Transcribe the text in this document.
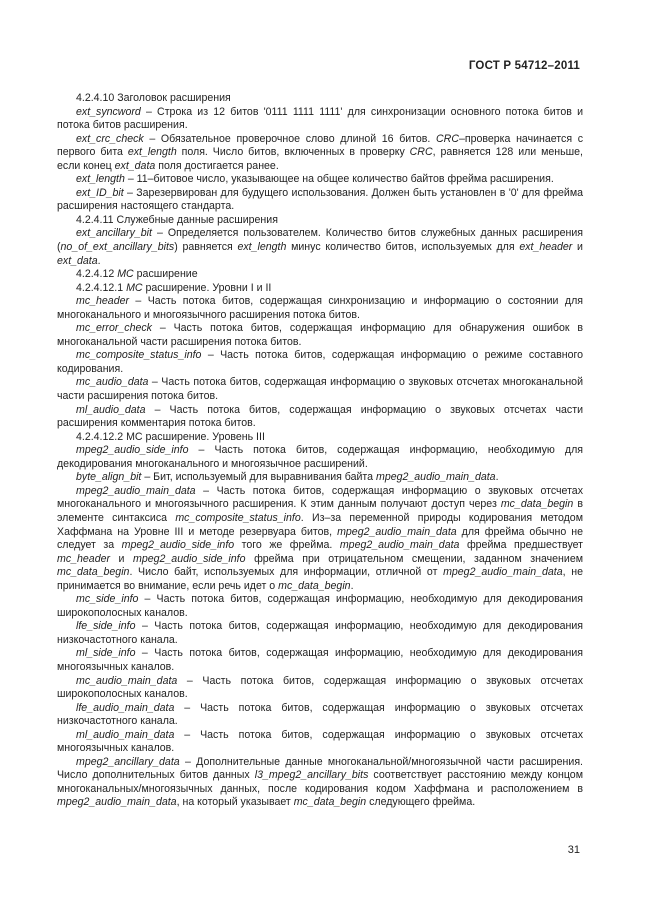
ГОСТ Р 54712–2011

4.2.4.10 Заголовок расширения

ext_syncword – Строка из 12 битов '0111 1111 1111' для синхронизации основного потока битов и потока битов расширения.

ext_crc_check – Обязательное проверочное слово длиной 16 битов. CRC–проверка начинается с первого бита ext_length поля. Число битов, включенных в проверку CRC, равняется 128 или меньше, если конец ext_data поля достигается ранее.

ext_length – 11–битовое число, указывающее на общее количество байтов фрейма расширения.

ext_ID_bit – Зарезервирован для будущего использования. Должен быть установлен в '0' для фрейма расширения настоящего стандарта.

4.2.4.11 Служебные данные расширения

ext_ancillary_bit – Определяется пользователем. Количество битов служебных данных расширения (no_of_ext_ancillary_bits) равняется ext_length минус количество битов, используемых для ext_header и ext_data.

4.2.4.12 МС расширение

4.2.4.12.1 МС расширение. Уровни I и II

mc_header – Часть потока битов, содержащая синхронизацию и информацию о состоянии для многоканального и многоязычного расширения потока битов.

mc_error_check – Часть потока битов, содержащая информацию для обнаружения ошибок в многоканальной части расширения потока битов.

mc_composite_status_info – Часть потока битов, содержащая информацию о режиме составного кодирования.

mc_audio_data – Часть потока битов, содержащая информацию о звуковых отсчетах многоканальной части расширения потока битов.

ml_audio_data – Часть потока битов, содержащая информацию о звуковых отсчетах части расширения комментария потока битов.

4.2.4.12.2 МС расширение. Уровень III

mpeg2_audio_side_info – Часть потока битов, содержащая информацию, необходимую для декодирования многоканального и многоязычное расширений.

byte_align_bit – Бит, используемый для выравнивания байта mpeg2_audio_main_data.

mpeg2_audio_main_data – Часть потока битов, содержащая информацию о звуковых отсчетах многоканального и многоязычного расширения. К этим данным получают доступ через mc_data_begin в элементе синтаксиса mc_composite_status_info. Из–за переменной природы кодирования методом Хаффмана на Уровне III и методе резервуара битов, mpeg2_audio_main_data для фрейма обычно не следует за mpeg2_audio_side_info того же фрейма. mpeg2_audio_main_data фрейма предшествует mc_header и mpeg2_audio_side_info фрейма при отрицательном смещении, заданном значением mc_data_begin. Число байт, используемых для информации, отличной от mpeg2_audio_main_data, не принимается во внимание, если речь идет о mc_data_begin.

mc_side_info – Часть потока битов, содержащая информацию, необходимую для декодирования широкополосных каналов.

lfe_side_info – Часть потока битов, содержащая информацию, необходимую для декодирования низкочастотного канала.

ml_side_info – Часть потока битов, содержащая информацию, необходимую для декодирования многоязычных каналов.

mc_audio_main_data – Часть потока битов, содержащая информацию о звуковых отсчетах широкополосных каналов.

lfe_audio_main_data – Часть потока битов, содержащая информацию о звуковых отсчетах низкочастотного канала.

ml_audio_main_data – Часть потока битов, содержащая информацию о звуковых отсчетах многоязычных каналов.

mpeg2_ancillary_data – Дополнительные данные многоканальной/многоязычной части расширения. Число дополнительных битов данных l3_mpeg2_ancillary_bits соответствует расстоянию между концом многоканальных/многоязычных данных, после кодирования кодом Хаффмана и расположением в mpeg2_audio_main_data, на который указывает mc_data_begin следующего фрейма.

31
